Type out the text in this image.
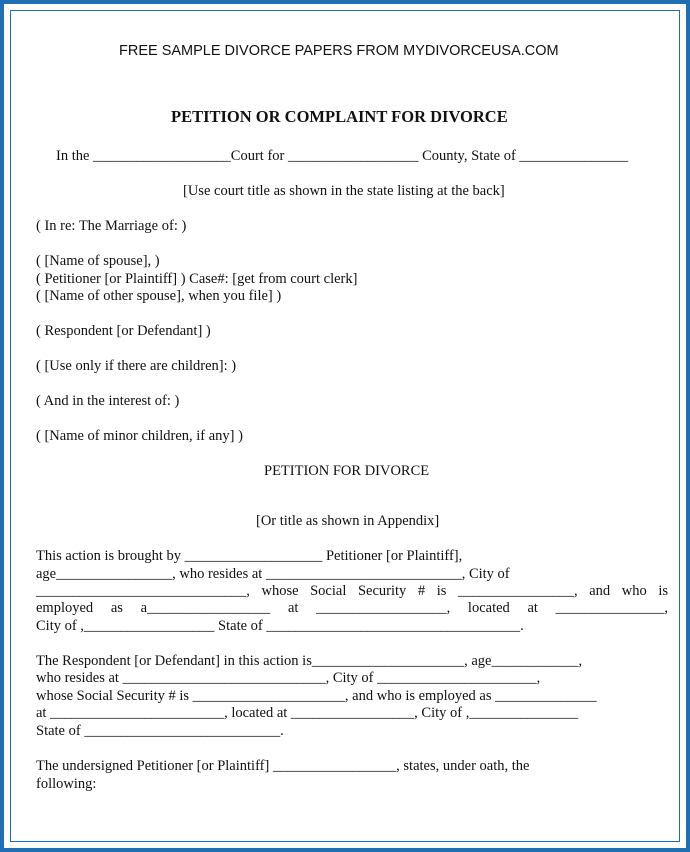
FREE SAMPLE DIVORCE PAPERS FROM MYDIVORCEUSA.COM
PETITION OR COMPLAINT FOR DIVORCE
In the ___________________Court for __________________ County, State of _______________
[Use court title as shown in the state listing at the back]
( In re: The Marriage of: )
( [Name of spouse], )
( Petitioner [or Plaintiff] ) Case#: [get from court clerk]
( [Name of other spouse], when you file] )
( Respondent [or Defendant] )
( [Use only if there are children]: )
( And in the interest of: )
( [Name of minor children, if any] )
PETITION FOR DIVORCE
[Or title as shown in Appendix]
This action is brought by ___________________ Petitioner [or Plaintiff],
age________________, who resides at ___________________________, City of
_____________________________, whose Social Security # is ________________, and who is
employed as a_________________ at __________________, located at _______________,
City of ,__________________ State of ___________________________________.
The Respondent [or Defendant] in this action is_____________________, age____________,
who resides at ____________________________, City of ______________________,
whose Social Security # is _____________________, and who is employed as ______________
at ________________________, located at _________________, City of ,_______________
State of ___________________________.
The undersigned Petitioner [or Plaintiff] _________________, states, under oath, the
following:
